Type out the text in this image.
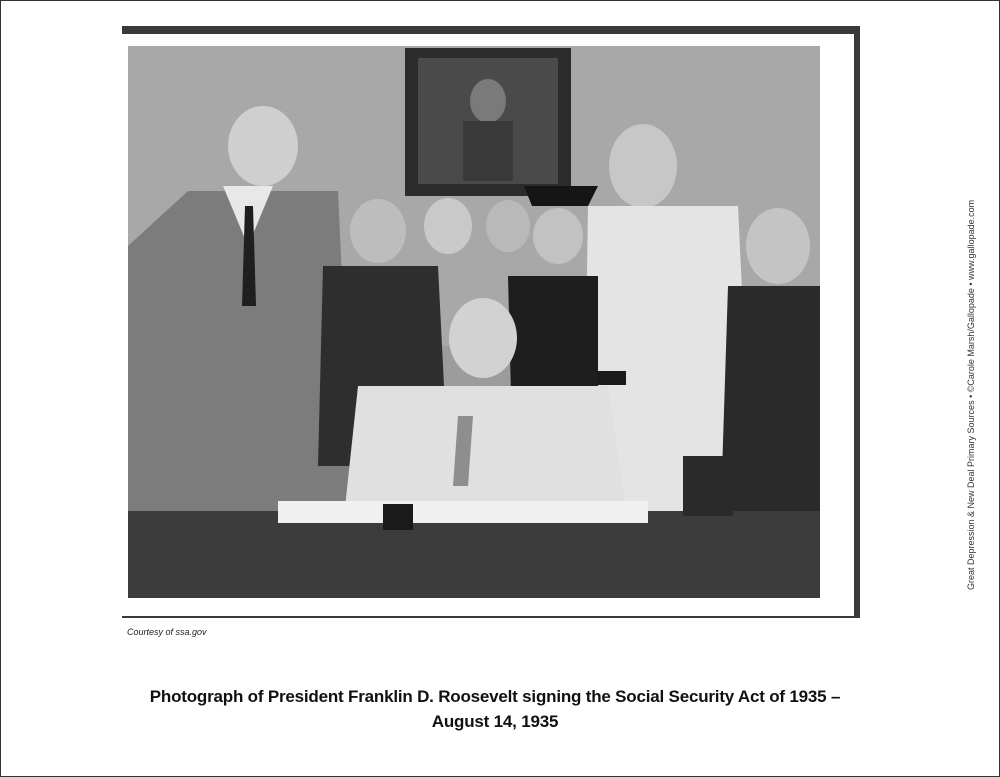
Courtesy of ssa.gov
Photograph of President Franklin D. Roosevelt signing the Social Security Act of 1935 –
August 14, 1935
Great Depression & New Deal Primary Sources • ©Carole Marsh/Gallopade • www.gallopade.com
